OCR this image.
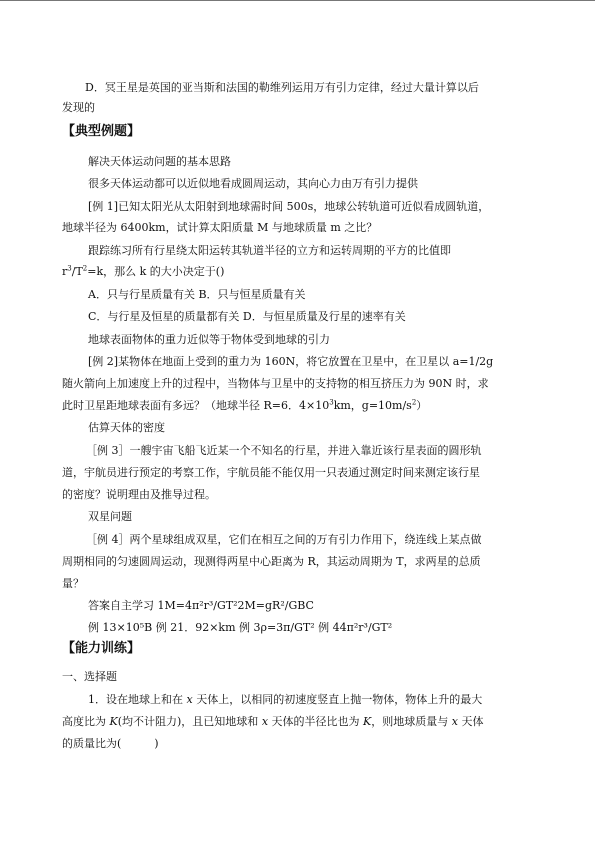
D．冥王星是英国的亚当斯和法国的勒维列运用万有引力定律，经过大量计算以后
发现的
【典型例题】
解决天体运动问题的基本思路
很多天体运动都可以近似地看成圆周运动，其向心力由万有引力提供
[例 1]已知太阳光从太阳射到地球需时间 500s，地球公转轨道可近似看成圆轨道，
地球半径为 6400km，试计算太阳质量 M 与地球质量 m 之比？
跟踪练习所有行星绕太阳运转其轨道半径的立方和运转周期的平方的比值即
$r^3/T^2=k$，那么 k 的大小决定于()
A．只与行星质量有关 B．只与恒星质量有关
C．与行星及恒星的质量都有关 D．与恒星质量及行星的速率有关
地球表面物体的重力近似等于物体受到地球的引力
[例 2]某物体在地面上受到的重力为 160N，将它放置在卫星中，在卫星以 a=1/2g
随火箭向上加速度上升的过程中，当物体与卫星中的支持物的相互挤压力为 90N 时，求
此时卫星距地球表面有多远？（地球半径 R=6．$4\times 10^3km$，$g=10m/s^2$）
估算天体的密度
［例 3］一艘宇宙飞船飞近某一个不知名的行星，并进入靠近该行星表面的圆形轨
道，宇航员进行预定的考察工作，宇航员能不能仅用一只表通过测定时间来测定该行星
的密度？说明理由及推导过程。
双星问题
［例 4］两个星球组成双星，它们在相互之间的万有引力作用下，绕连线上某点做
周期相同的匀速圆周运动，现测得两星中心距离为 R，其运动周期为 T，求两星的总质
量？
答案自主学习 1M=4π²r³/GT²2M=gR²/GBC
例 13×10⁵B 例 21．92×km 例 3ρ=3π/GT² 例 44π²r³/GT²
【能力训练】
一、选择题
1．设在地球上和在 x 天体上，以相同的初速度竖直上抛一物体，物体上升的最大
高度比为 K(均不计阻力)，且已知地球和 x 天体的半径比也为 K，则地球质量与 x 天体
的质量比为(　　　)
